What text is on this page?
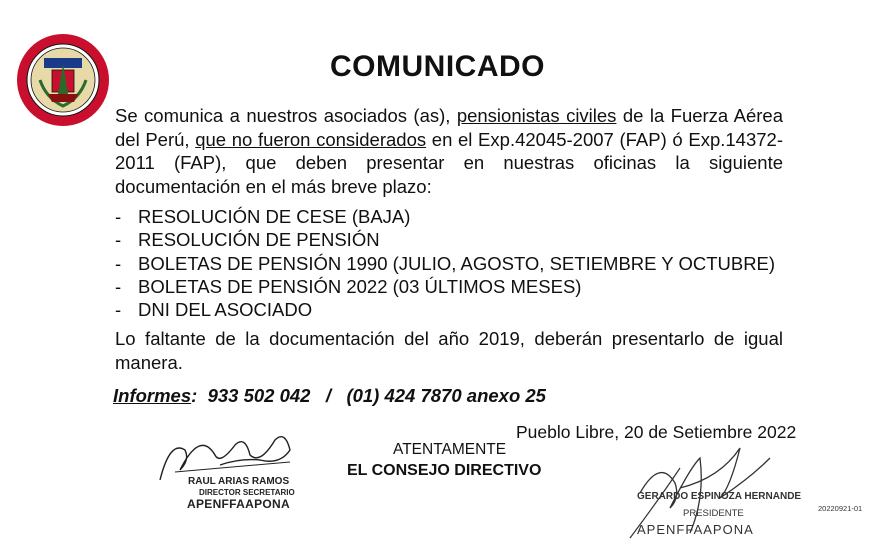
COMUNICADO
Se comunica a nuestros asociados (as), pensionistas civiles de la Fuerza Aérea del Perú, que no fueron considerados en el Exp.42045-2007 (FAP) ó Exp.14372-2011 (FAP), que deben presentar en nuestras oficinas la siguiente documentación en el más breve plazo:
- RESOLUCIÓN DE CESE (BAJA)
- RESOLUCIÓN DE PENSIÓN
- BOLETAS DE PENSIÓN 1990 (JULIO, AGOSTO, SETIEMBRE Y OCTUBRE)
- BOLETAS DE PENSIÓN 2022 (03 ÚLTIMOS MESES)
- DNI DEL ASOCIADO
Lo faltante de la documentación del año 2019, deberán presentarlo de igual manera.
Informes:  933 502 042   /   (01) 424 7870 anexo 25
Pueblo Libre, 20 de Setiembre 2022
ATENTAMENTE
EL CONSEJO DIRECTIVO
RAUL ARIAS RAMOS
DIRECTOR SECRETARIO
APENFFAAPONA
GERARDO ESPINOZA HERNANDE
PRESIDENTE
APENFFAAPONA
20220921-01
